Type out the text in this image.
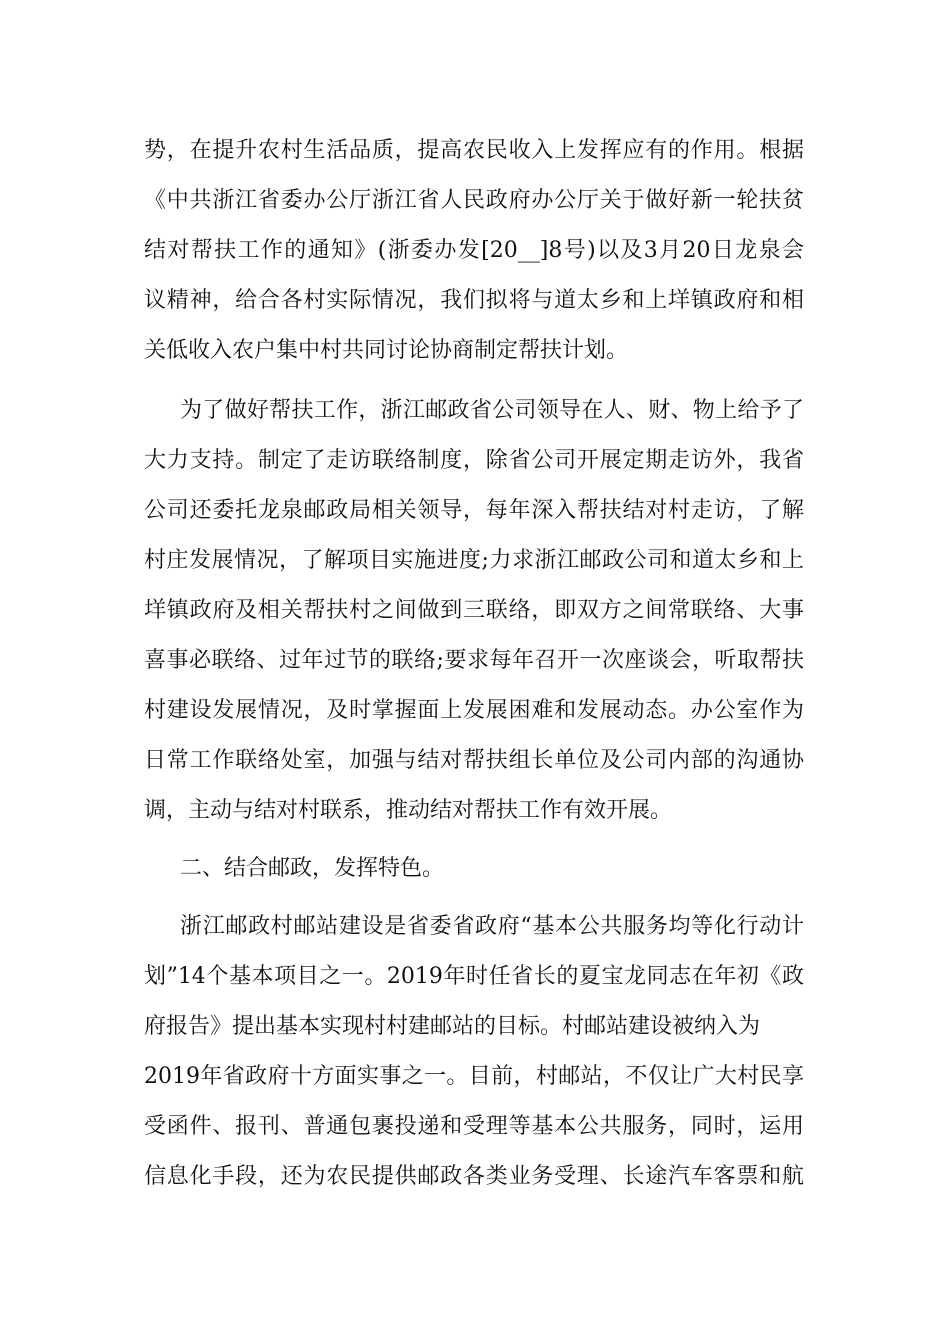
势，在提升农村生活品质，提高农民收入上发挥应有的作用。根据
《中共浙江省委办公厅浙江省人民政府办公厅关于做好新一轮扶贫
结对帮扶工作的通知》(浙委办发[20__]8号)以及3月20日龙泉会
议精神，给合各村实际情况，我们拟将与道太乡和上垟镇政府和相
关低收入农户集中村共同讨论协商制定帮扶计划。
为了做好帮扶工作，浙江邮政省公司领导在人、财、物上给予了
大力支持。制定了走访联络制度，除省公司开展定期走访外，我省
公司还委托龙泉邮政局相关领导，每年深入帮扶结对村走访，了解
村庄发展情况，了解项目实施进度;力求浙江邮政公司和道太乡和上
垟镇政府及相关帮扶村之间做到三联络，即双方之间常联络、大事
喜事必联络、过年过节的联络;要求每年召开一次座谈会，听取帮扶
村建设发展情况，及时掌握面上发展困难和发展动态。办公室作为
日常工作联络处室，加强与结对帮扶组长单位及公司内部的沟通协
调，主动与结对村联系，推动结对帮扶工作有效开展。
二、结合邮政，发挥特色。
浙江邮政村邮站建设是省委省政府“基本公共服务均等化行动计
划”14个基本项目之一。2019年时任省长的夏宝龙同志在年初《政
府报告》提出基本实现村村建邮站的目标。村邮站建设被纳入为
2019年省政府十方面实事之一。目前，村邮站，不仅让广大村民享
受函件、报刊、普通包裹投递和受理等基本公共服务，同时，运用
信息化手段，还为农民提供邮政各类业务受理、长途汽车客票和航
